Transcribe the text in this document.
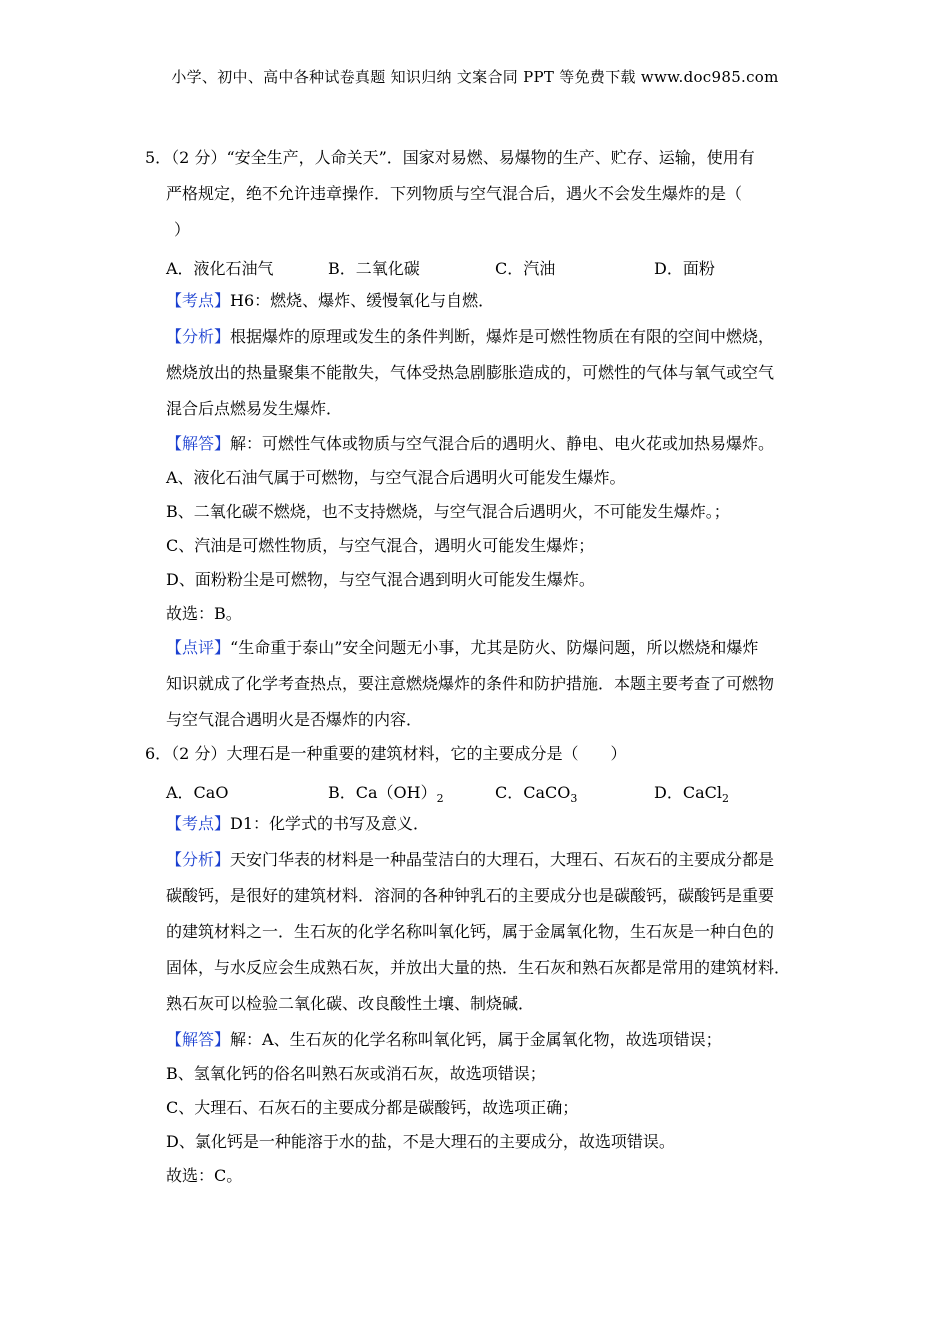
小学、初中、高中各种试卷真题 知识归纳 文案合同 PPT 等免费下载 www.doc985.com
5．（2 分）“安全生产，人命关天”．国家对易燃、易爆物的生产、贮存、运输，使用有
严格规定，绝不允许违章操作．下列物质与空气混合后，遇火不会发生爆炸的是（
）
A．液化石油气	B．二氧化碳	C．汽油	D．面粉
【考点】H6：燃烧、爆炸、缓慢氧化与自燃．
【分析】根据爆炸的原理或发生的条件判断，爆炸是可燃性物质在有限的空间中燃烧，
燃烧放出的热量聚集不能散失，气体受热急剧膨胀造成的，可燃性的气体与氧气或空气
混合后点燃易发生爆炸．
【解答】解：可燃性气体或物质与空气混合后的遇明火、静电、电火花或加热易爆炸。
A、液化石油气属于可燃物，与空气混合后遇明火可能发生爆炸。
B、二氧化碳不燃烧，也不支持燃烧，与空气混合后遇明火，不可能发生爆炸。；
C、汽油是可燃性物质，与空气混合，遇明火可能发生爆炸；
D、面粉粉尘是可燃物，与空气混合遇到明火可能发生爆炸。
故选：B。
【点评】“生命重于泰山”安全问题无小事，尤其是防火、防爆问题，所以燃烧和爆炸
知识就成了化学考查热点，要注意燃烧爆炸的条件和防护措施．本题主要考查了可燃物
与空气混合遇明火是否爆炸的内容．
6．（2 分）大理石是一种重要的建筑材料，它的主要成分是（　　）
A．CaO	B．$Ca(OH)_2$	C．CaCO$_3$	D．CaCl$_2$
【考点】D1：化学式的书写及意义．
【分析】天安门华表的材料是一种晶莹洁白的大理石，大理石、石灰石的主要成分都是
碳酸钙，是很好的建筑材料．溶洞的各种钟乳石的主要成分也是碳酸钙，碳酸钙是重要
的建筑材料之一．生石灰的化学名称叫氧化钙，属于金属氧化物，生石灰是一种白色的
固体，与水反应会生成熟石灰，并放出大量的热．生石灰和熟石灰都是常用的建筑材料．
熟石灰可以检验二氧化碳、改良酸性土壤、制烧碱．
【解答】解：A、生石灰的化学名称叫氧化钙，属于金属氧化物，故选项错误；
B、氢氧化钙的俗名叫熟石灰或消石灰，故选项错误；
C、大理石、石灰石的主要成分都是碳酸钙，故选项正确；
D、氯化钙是一种能溶于水的盐，不是大理石的主要成分，故选项错误。
故选：C。
